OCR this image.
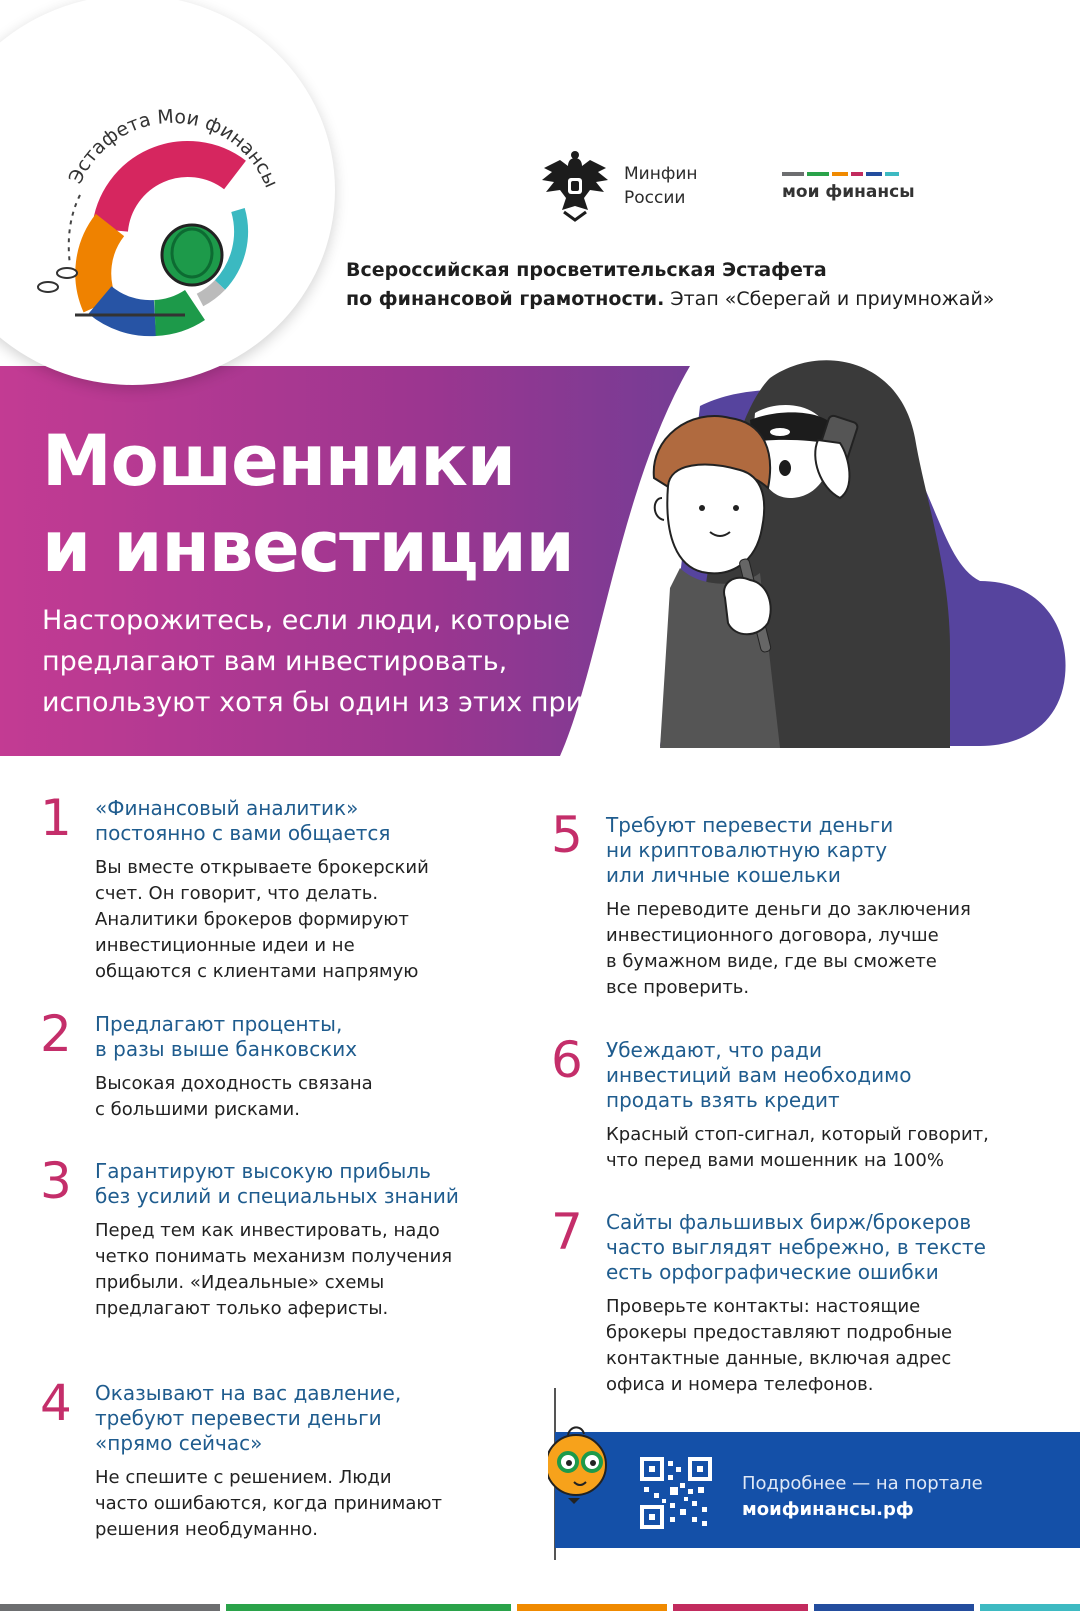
Эстафета Мои финансы	Минфин
России	мои финансы
Всероссийская просветительская Эстафета
по финансовой грамотности. Этап «Сберегай и приумножай»
Мошенники
и инвестиции
Насторожитесь, если люди, которые
предлагают вам инвестировать,
используют хотя бы один из этих приемов!
1 «Финансовый аналитик»
постоянно с вами общается
Вы вместе открываете брокерский
счет. Он говорит, что делать.
Аналитики брокеров формируют
инвестиционные идеи и не
общаются с клиентами напрямую
2 Предлагают проценты,
в разы выше банковских
Высокая доходность связана
с большими рисками.
3 Гарантируют высокую прибыль
без усилий и специальных знаний
Перед тем как инвестировать, надо
четко понимать механизм получения
прибыли. «Идеальные» схемы
предлагают только аферисты.
4 Оказывают на вас давление,
требуют перевести деньги
«прямо сейчас»
Не спешите с решением. Люди
часто ошибаются, когда принимают
решения необдуманно.
5 Требуют перевести деньги
ни криптовалютную карту
или личные кошельки
Не переводите деньги до заключения
инвестиционного договора, лучше
в бумажном виде, где вы сможете
все проверить.
6 Убеждают, что ради
инвестиций вам необходимо
продать взять кредит
Красный стоп-сигнал, который говорит,
что перед вами мошенник на 100%
7 Сайты фальшивых бирж/брокеров
часто выглядят небрежно, в тексте
есть орфографические ошибки
Проверьте контакты: настоящие
брокеры предоставляют подробные
контактные данные, включая адрес
офиса и номера телефонов.
Подробнее — на портале
моифинансы.рф
